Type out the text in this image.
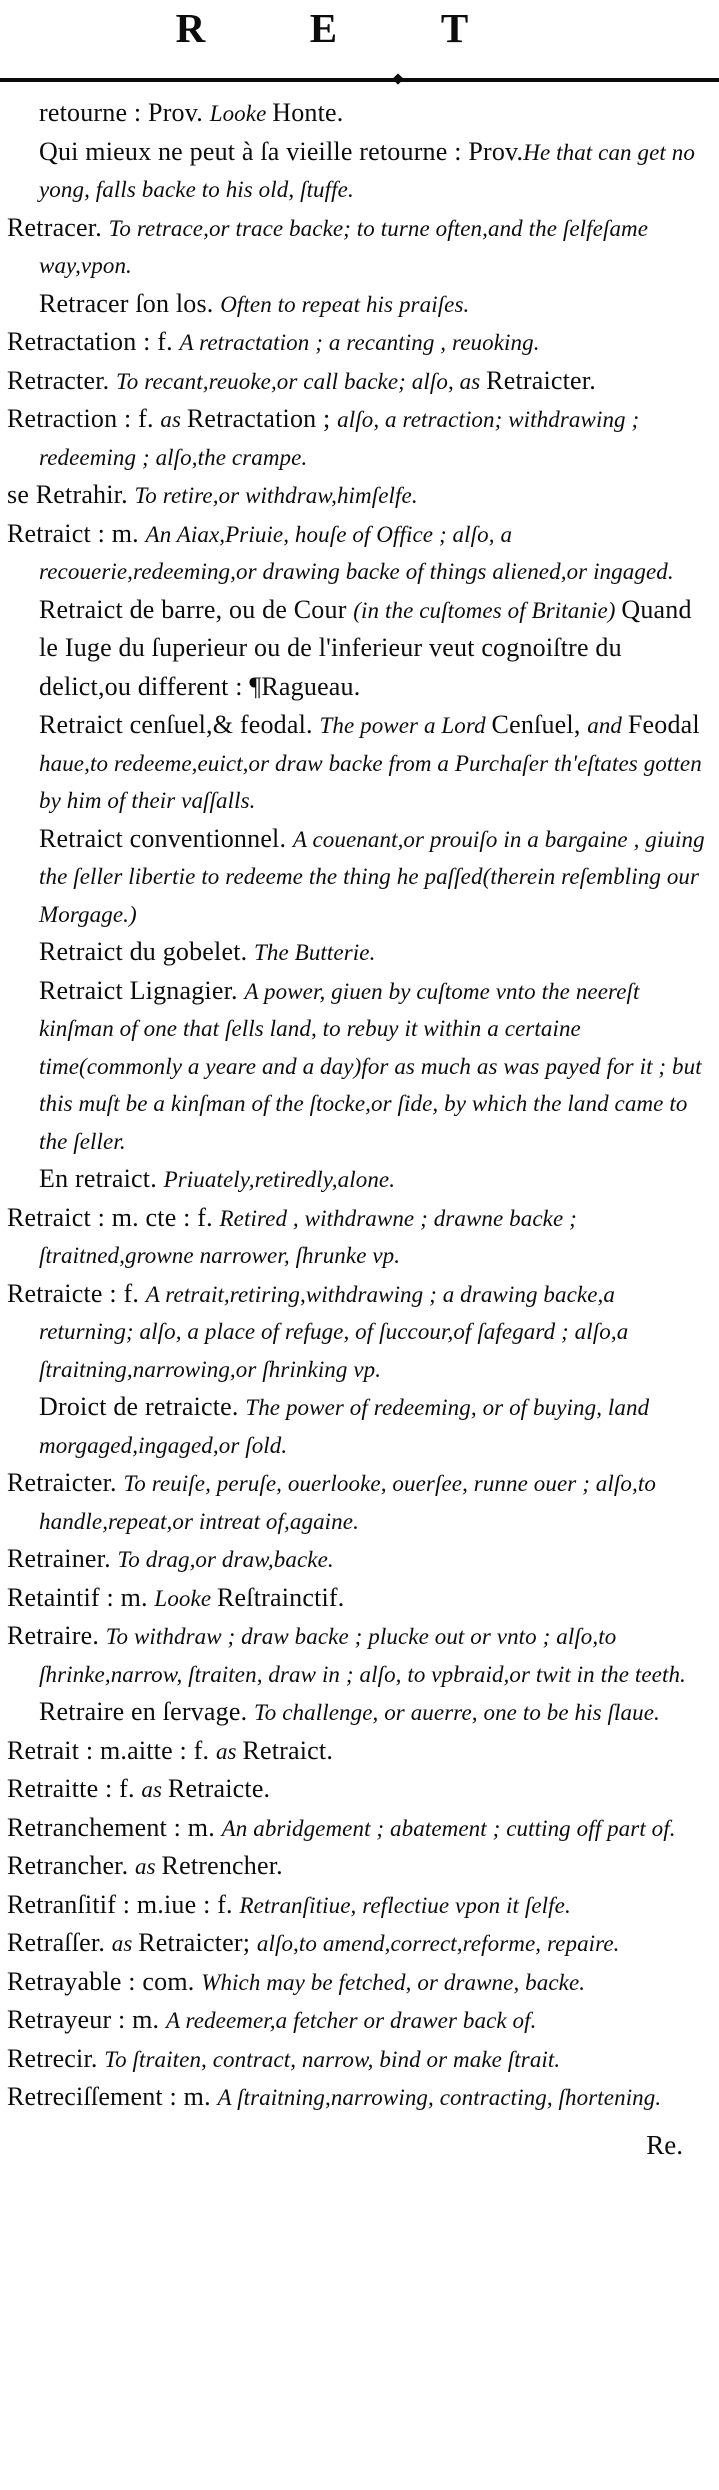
R E T

retourne : Prov. Looke Honte.

Qui mieux ne peut à ſa vieille retourne : Prov.He that can get no yong, falls backe to his old, ſtuffe.

Retracer. To retrace,or trace backe; to turne often,and the ſelfeſame way,vpon.

Retracer ſon los. Often to repeat his praiſes.

Retractation : f. A retractation ; a recanting , reuoking.

Retracter. To recant,reuoke,or call backe; alſo, as Retraicter.

Retraction : f. as Retractation ; alſo, a retraction; withdrawing ; redeeming ; alſo,the crampe.

se Retrahir. To retire,or withdraw,himſelfe.

Retraict : m. An Aiax,Priuie, houſe of Office ; alſo, a recouerie,redeeming,or drawing backe of things aliened,or ingaged.

Retraict de barre, ou de Cour (in the cuſtomes of Britanie) Quand le Iuge du ſuperieur ou de l'inferieur veut cognoiſtre du delict,ou different : ¶Ragueau.

Retraict cenſuel,& feodal. The power a Lord Cenſuel, and Feodal haue,to redeeme,euict,or draw backe from a Purchaſer th'eſtates gotten by him of their vaſſalls.

Retraict conventionnel. A couenant,or prouiſo in a bargaine , giuing the ſeller libertie to redeeme the thing he paſſed(therein reſembling our Morgage.)

Retraict du gobelet. The Butterie.

Retraict Lignagier. A power, giuen by cuſtome vnto the neereſt kinſman of one that ſells land, to rebuy it within a certaine time(commonly a yeare and a day)for as much as was payed for it ; but this muſt be a kinſman of the ſtocke,or ſide, by which the land came to the ſeller.

En retraict. Priuately,retiredly,alone.

Retraict : m. cte : f. Retired , withdrawne ; drawne backe ; ſtraitned,growne narrower, ſhrunke vp.

Retraicte : f. A retrait,retiring,withdrawing ; a drawing backe,a returning; alſo, a place of refuge, of ſuccour,of ſafegard ; alſo,a ſtraitning,narrowing,or ſhrinking vp.

Droict de retraicte. The power of redeeming, or of buying, land morgaged,ingaged,or ſold.

Retraicter. To reuiſe, peruſe, ouerlooke, ouerſee, runne ouer ; alſo,to handle,repeat,or intreat of,againe.

Retrainer. To drag,or draw,backe.

Retaintif : m. Looke Reſtrainctif.

Retraire. To withdraw ; draw backe ; plucke out or vnto ; alſo,to ſhrinke,narrow, ſtraiten, draw in ; alſo, to vpbraid,or twit in the teeth.

Retraire en ſervage. To challenge, or auerre, one to be his ſlaue.

Retrait : m.aitte : f. as Retraict.

Retraitte : f. as Retraicte.

Retranchement : m. An abridgement ; abatement ; cutting off part of.

Retrancher. as Retrencher.

Retranſitif : m.iue : f. Retranſitiue, reflectiue vpon it ſelfe.

Retraſſer. as Retraicter; alſo,to amend,correct,reforme, repaire.

Retrayable : com. Which may be fetched, or drawne, backe.

Retrayeur : m. A redeemer,a fetcher or drawer back of.

Retrecir. To ſtraiten, contract, narrow, bind or make ſtrait.

Retreciſſement : m. A ſtraitning,narrowing, contracting, ſhortening.

Re.
